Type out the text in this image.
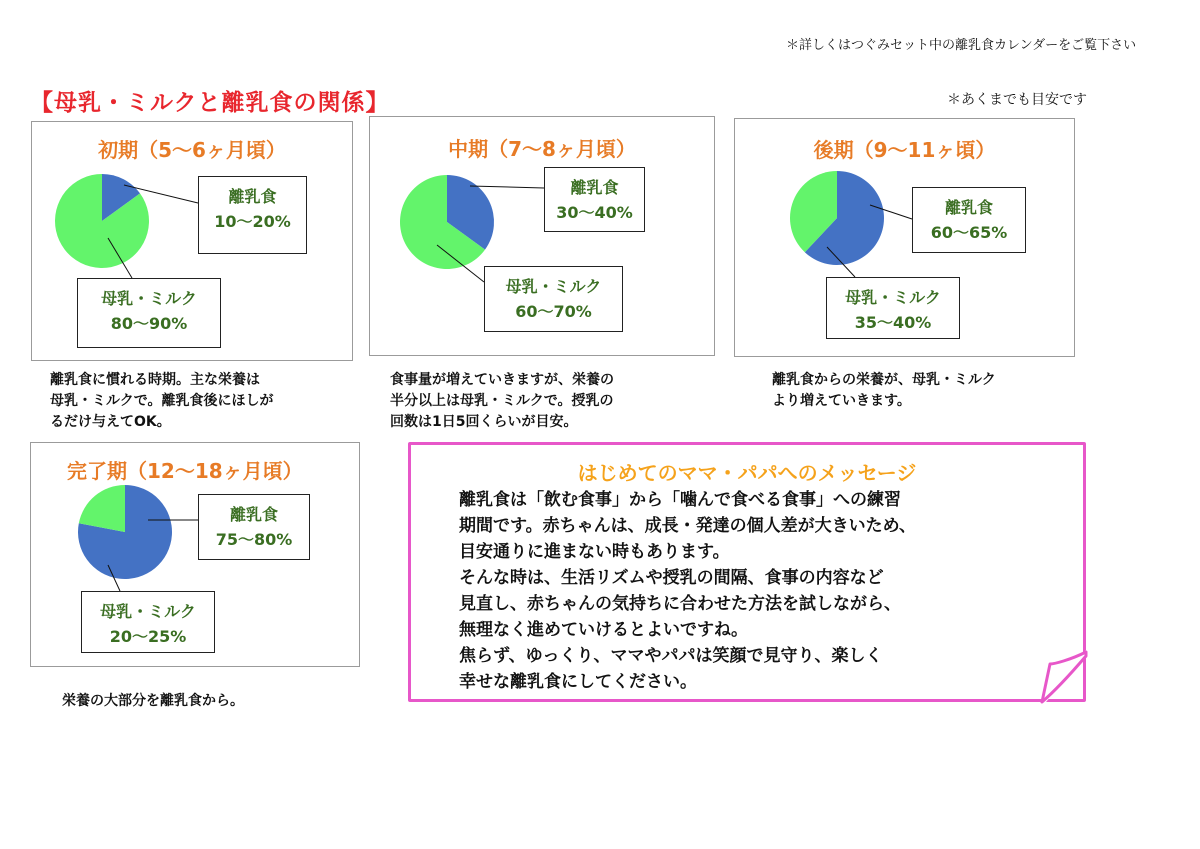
＊詳しくはつぐみセット中の離乳食カレンダーをご覧下さい
【母乳・ミルクと離乳食の関係】	＊あくまでも目安です
初期（5〜6ヶ月頃）
離乳食
10〜20%
母乳・ミルク
80〜90%
中期（7〜8ヶ月頃）
離乳食
30〜40%
母乳・ミルク
60〜70%
後期（9〜11ヶ頃）
離乳食
60〜65%
母乳・ミルク
35〜40%
完了期（12〜18ヶ月頃）
離乳食
75〜80%
母乳・ミルク
20〜25%
離乳食に慣れる時期。主な栄養は
母乳・ミルクで。離乳食後にほしが
るだけ与えてOK。
食事量が増えていきますが、栄養の
半分以上は母乳・ミルクで。授乳の
回数は1日5回くらいが目安。
離乳食からの栄養が、母乳・ミルク
より増えていきます。
栄養の大部分を離乳食から。
はじめてのママ・パパへのメッセージ
離乳食は「飲む食事」から「噛んで食べる食事」への練習
期間です。赤ちゃんは、成長・発達の個人差が大きいため、
目安通りに進まない時もあります。
そんな時は、生活リズムや授乳の間隔、食事の内容など
見直し、赤ちゃんの気持ちに合わせた方法を試しながら、
無理なく進めていけるとよいですね。
焦らず、ゆっくり、ママやパパは笑顔で見守り、楽しく
幸せな離乳食にしてください。
